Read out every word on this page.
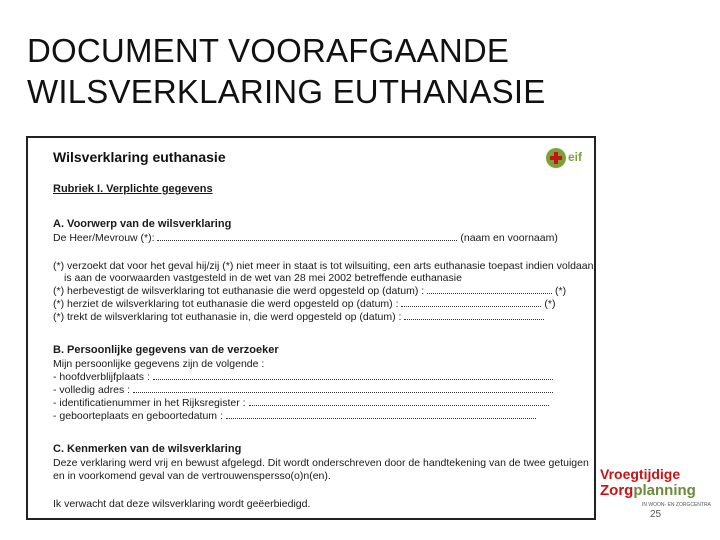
DOCUMENT VOORAFGAANDE
WILSVERKLARING EUTHANASIE
Wilsverklaring euthanasie	eif
Rubriek I. Verplichte gegevens
A. Voorwerp van de wilsverklaring
De Heer/Mevrouw (*):	(naam en voornaam)
(*) verzoekt dat voor het geval hij/zij (*) niet meer in staat is tot wilsuiting, een arts euthanasie toepast indien voldaan
is aan de voorwaarden vastgesteld in de wet van 28 mei 2002 betreffende euthanasie
(*) herbevestigt de wilsverklaring tot euthanasie die werd opgesteld op (datum) :	(*)
(*) herziet de wilsverklaring tot euthanasie die werd opgesteld op (datum) :	(*)
(*) trekt de wilsverklaring tot euthanasie in, die werd opgesteld op (datum) :
B. Persoonlijke gegevens van de verzoeker
Mijn persoonlijke gegevens zijn de volgende :
- hoofdverblijfplaats :
- volledig adres :
- identificatienummer in het Rijksregister :
- geboorteplaats en geboortedatum :
C. Kenmerken van de wilsverklaring
Deze verklaring werd vrij en bewust afgelegd. Dit wordt onderschreven door de handtekening van de twee getuigen
en in voorkomend geval van de vertrouwenspersso(o)n(en).
Ik verwacht dat deze wilsverklaring wordt geëerbiedigd.
Vroegtijdige
Zorgplanning
IN WOON- EN ZORGCENTRA
25
